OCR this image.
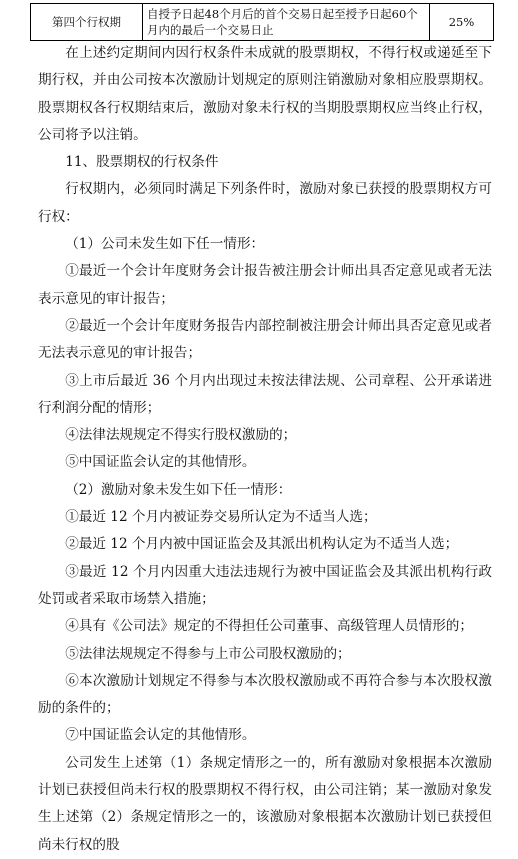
第四个行权期	自授予日起48个月后的首个交易日起至授予日起60个月内的最后一个交易日止	25%

在上述约定期间内因行权条件未成就的股票期权，不得行权或递延至下期行权，并由公司按本次激励计划规定的原则注销激励对象相应股票期权。股票期权各行权期结束后，激励对象未行权的当期股票期权应当终止行权，公司将予以注销。

11、股票期权的行权条件

行权期内，必须同时满足下列条件时，激励对象已获授的股票期权方可行权：

（1）公司未发生如下任一情形：

①最近一个会计年度财务会计报告被注册会计师出具否定意见或者无法表示意见的审计报告；

②最近一个会计年度财务报告内部控制被注册会计师出具否定意见或者无法表示意见的审计报告；

③上市后最近 36 个月内出现过未按法律法规、公司章程、公开承诺进行利润分配的情形；

④法律法规规定不得实行股权激励的；

⑤中国证监会认定的其他情形。

（2）激励对象未发生如下任一情形：

①最近 12 个月内被证券交易所认定为不适当人选；

②最近 12 个月内被中国证监会及其派出机构认定为不适当人选；

③最近 12 个月内因重大违法违规行为被中国证监会及其派出机构行政处罚或者采取市场禁入措施；

④具有《公司法》规定的不得担任公司董事、高级管理人员情形的；

⑤法律法规规定不得参与上市公司股权激励的；

⑥本次激励计划规定不得参与本次股权激励或不再符合参与本次股权激励的条件的；

⑦中国证监会认定的其他情形。

公司发生上述第（1）条规定情形之一的，所有激励对象根据本次激励计划已获授但尚未行权的股票期权不得行权，由公司注销；某一激励对象发生上述第（2）条规定情形之一的，该激励对象根据本次激励计划已获授但尚未行权的股
